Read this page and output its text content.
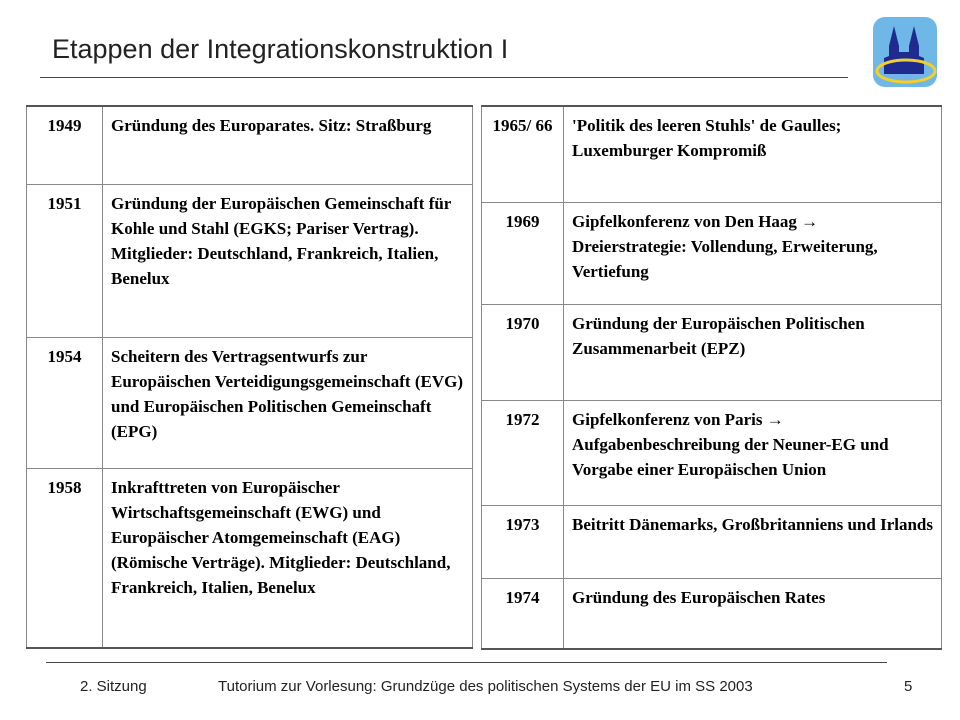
Etappen der Integrationskonstruktion I
1949	Gründung des Europarates. Sitz: Straßburg
1951	Gründung der Europäischen Gemeinschaft für Kohle und Stahl (EGKS; Pariser Vertrag). Mitglieder: Deutschland, Frankreich, Italien, Benelux
1954	Scheitern des Vertragsentwurfs zur Europäischen Verteidigungsgemeinschaft (EVG) und Europäischen Politischen Gemeinschaft (EPG)

1958	Inkrafttreten von Europäischer Wirtschaftsgemeinschaft (EWG) und Europäischer Atomgemeinschaft (EAG) (Römische Verträge). Mitglieder: Deutschland, Frankreich, Italien, Benelux
1965/ 66	'Politik des leeren Stuhls' de Gaulles; Luxemburger Kompromiß
1969	Gipfelkonferenz von Den Haag → Dreierstrategie: Vollendung, Erweiterung, Vertiefung
1970	Gründung der Europäischen Politischen Zusammenarbeit (EPZ)
1972	Gipfelkonferenz von Paris → Aufgabenbeschreibung der Neuner-EG und Vorgabe einer Europäischen Union

1973	Beitritt Dänemarks, Großbritanniens und Irlands
1974	Gründung des Europäischen Rates
2. Sitzung	Tutorium zur Vorlesung: Grundzüge des politischen Systems der EU im SS 2003	5
